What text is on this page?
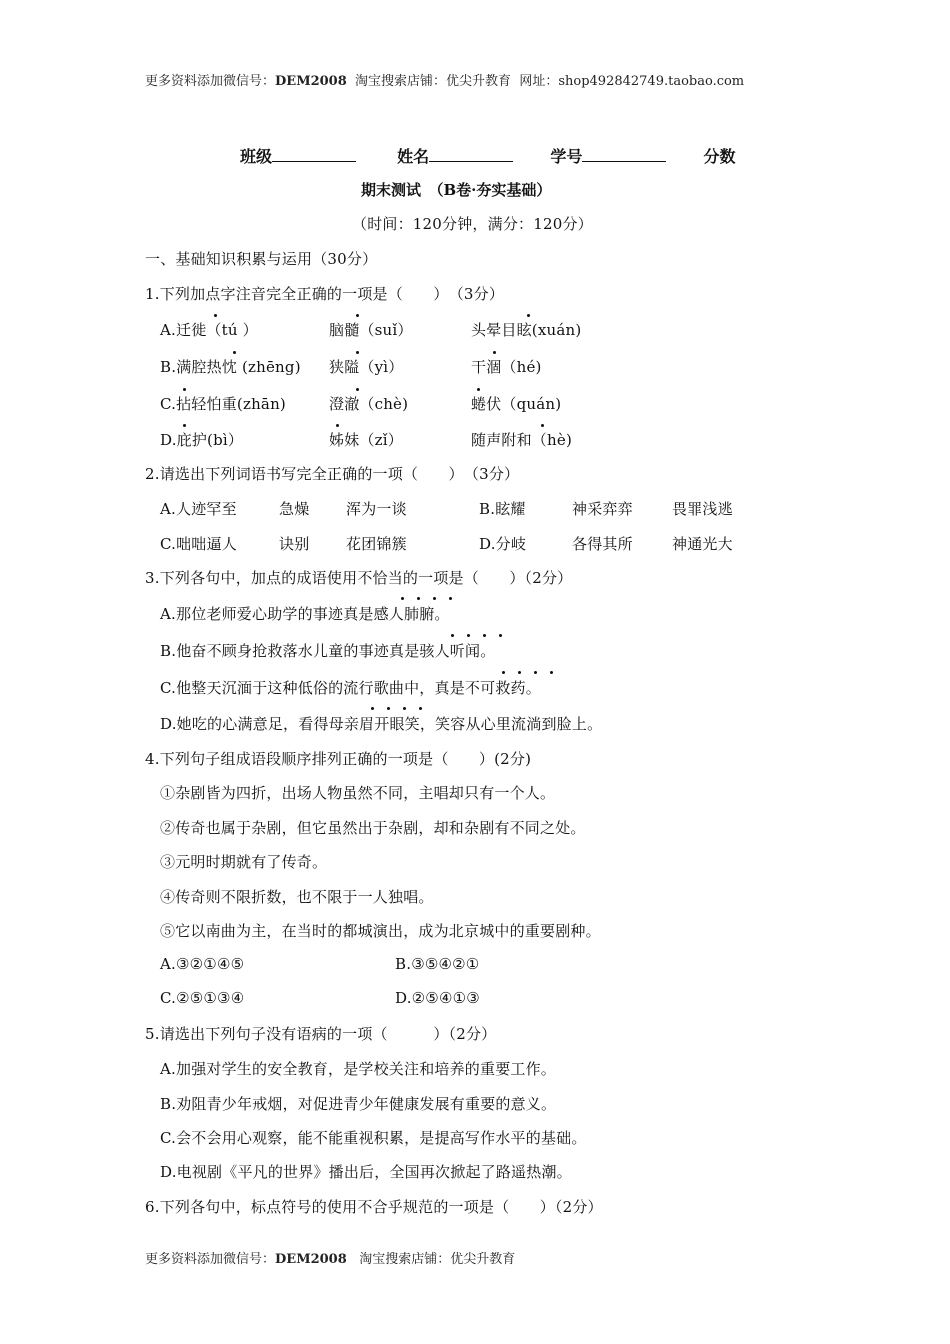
更多资料添加微信号：DEM2008 淘宝搜索店铺：优尖升教育 网址：shop492842749.taobao.com
班级	姓名	学号	分数
期末测试　（B卷·夯实基础）
（时间：120分钟，满分：120分）
一、基础知识积累与运用（30分）
1.下列加点字注音完全正确的一项是（　　）　（3分）
A.迁徙（tú ）	脑髓（suǐ）	头晕目眩(xuán)
B.满腔热忱 (zhēng) 狭隘（yì）	干涸（hé)
C.拈轻怕重(zhān)	澄澈（chè)	蜷伏（quán)
D.庇护(bì）	姊妹（zǐ）	随声附和（hè)
2.请选出下列词语书写完全正确的一项（　　）　（3分）
A.人迹罕至	急燥 浑为一谈	B.眩耀	神采弈弈	畏罪浅逃
C.咄咄逼人	诀别 花团锦簇	D.分岐	各得其所	神通光大
3.下列各句中，加点的成语使用不恰当的一项是（　　）（2分）
A.那位老师爱心助学的事迹真是感人肺腑。
B.他奋不顾身抢救落水儿童的事迹真是骇人听闻。
C.他整天沉湎于这种低俗的流行歌曲中，真是不可救药。
D.她吃的心满意足，看得母亲眉开眼笑，笑容从心里流淌到脸上。
4.下列句子组成语段顺序排列正确的一项是（　　）(2分)
①杂剧皆为四折，出场人物虽然不同，主唱却只有一个人。
②传奇也属于杂剧，但它虽然出于杂剧，却和杂剧有不同之处。
③元明时期就有了传奇。
④传奇则不限折数，也不限于一人独唱。
⑤它以南曲为主，在当时的都城演出，成为北京城中的重要剧种。
A.③②①④⑤	B.③⑤④②①
C.②⑤①③④	D.②⑤④①③
5.请选出下列句子没有语病的一项（　　　）（2分）
A.加强对学生的安全教育，是学校关注和培养的重要工作。
B.劝阻青少年戒烟，对促进青少年健康发展有重要的意义。
C.会不会用心观察，能不能重视积累，是提高写作水平的基础。
D.电视剧《平凡的世界》播出后，全国再次掀起了路遥热潮。
6.下列各句中，标点符号的使用不合乎规范的一项是（　　）（2分）
更多资料添加微信号：DEM2008 淘宝搜索店铺：优尖升教育
